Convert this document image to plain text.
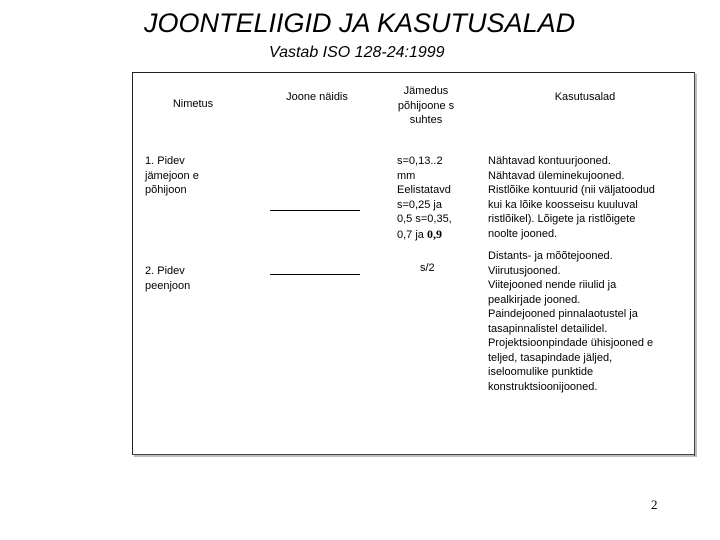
JOONTELIIGID JA KASUTUSALAD
Vastab ISO 128-24:1999
Nimetus
Joone näidis	Jämedus
põhijoone s
suhtes
Kasutusalad
1. Pidev
jämejoon e
põhijoon
s=0,13..2
mm
Eelistatavd
s=0,25 ja
0,5 s=0,35,
0,7 ja 0,9
Nähtavad kontuurjooned.
Nähtavad üleminekujooned.
Ristlõike kontuurid (nii väljatoodud
kui ka lõike koosseisu kuuluval
ristlõikel). Lõigete ja ristlõigete
noolte jooned.
2. Pidev
peenjoon
s/2
Distants- ja mõõtejooned.
Viirutusjooned.
Viitejooned nende riiulid ja
pealkirjade jooned.
Paindejooned pinnalaotustel ja
tasapinnalistel detailidel.
Projektsioonpindade ühisjooned e
teljed, tasapindade jäljed,
iseloomulike punktide
konstruktsioonijooned.
2
